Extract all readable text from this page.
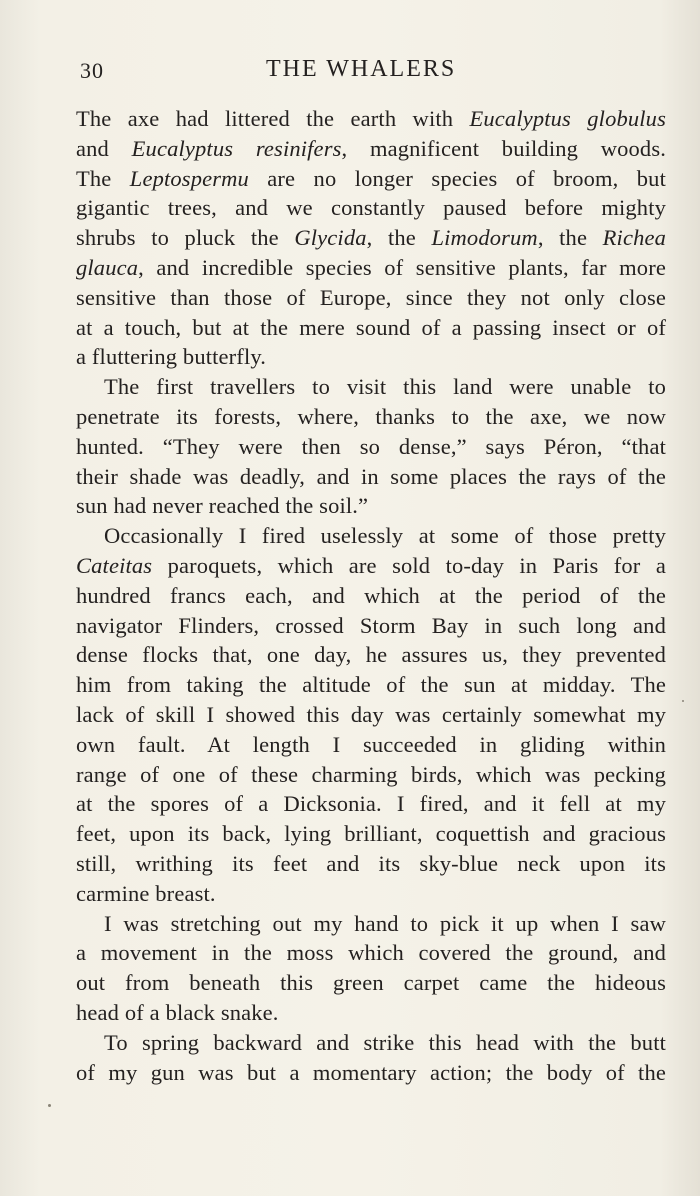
30	THE WHALERS
The axe had littered the earth with Eucalyptus globulus
and Eucalyptus resinifers, magnificent building woods.
The Leptospermu are no longer species of broom, but
gigantic trees, and we constantly paused before mighty
shrubs to pluck the Glycida, the Limodorum, the Richea
glauca, and incredible species of sensitive plants, far more
sensitive than those of Europe, since they not only close
at a touch, but at the mere sound of a passing insect or of
a fluttering butterfly.
The first travellers to visit this land were unable to
penetrate its forests, where, thanks to the axe, we now
hunted. “They were then so dense,” says Péron, “that
their shade was deadly, and in some places the rays of the
sun had never reached the soil.”
Occasionally I fired uselessly at some of those pretty
Cateitas paroquets, which are sold to-day in Paris for a
hundred francs each, and which at the period of the
navigator Flinders, crossed Storm Bay in such long and
dense flocks that, one day, he assures us, they prevented
him from taking the altitude of the sun at midday. The
lack of skill I showed this day was certainly somewhat my
own fault. At length I succeeded in gliding within
range of one of these charming birds, which was pecking
at the spores of a Dicksonia. I fired, and it fell at my
feet, upon its back, lying brilliant, coquettish and gracious
still, writhing its feet and its sky-blue neck upon its
carmine breast.
I was stretching out my hand to pick it up when I saw
a movement in the moss which covered the ground, and
out from beneath this green carpet came the hideous
head of a black snake.
To spring backward and strike this head with the butt
of my gun was but a momentary action; the body of the
